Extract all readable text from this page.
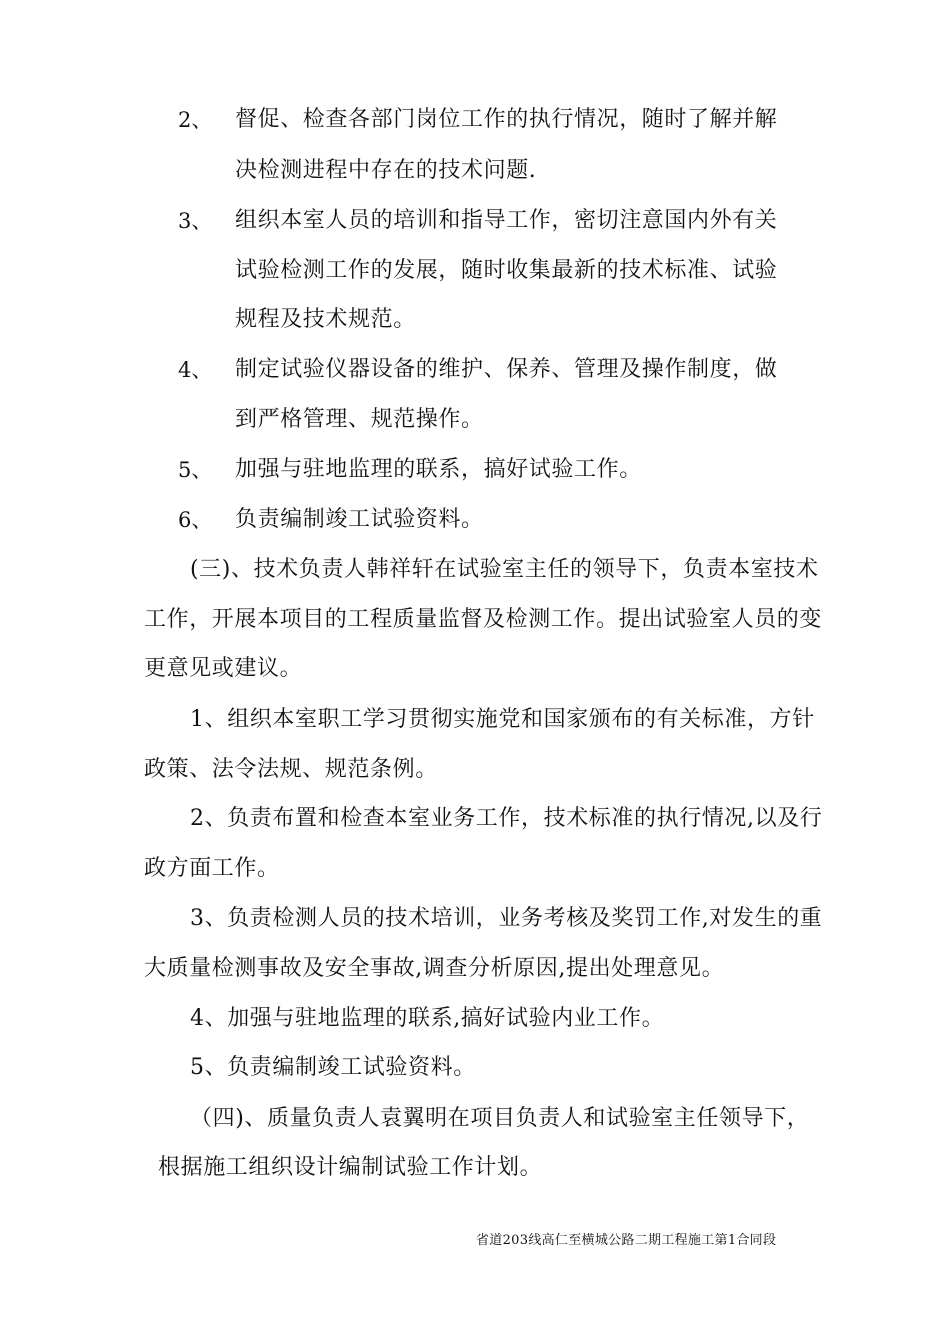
2、 督促、检查各部门岗位工作的执行情况，随时了解并解
决检测进程中存在的技术问题.
3、 组织本室人员的培训和指导工作，密切注意国内外有关
试验检测工作的发展，随时收集最新的技术标准、试验
规程及技术规范。
4、 制定试验仪器设备的维护、保养、管理及操作制度，做
到严格管理、规范操作。
5、 加强与驻地监理的联系，搞好试验工作。
6、 负责编制竣工试验资料。
(三)、技术负责人韩祥轩在试验室主任的领导下，负责本室技术
工作，开展本项目的工程质量监督及检测工作。提出试验室人员的变
更意见或建议。
1、组织本室职工学习贯彻实施党和国家颁布的有关标准，方针
政策、法令法规、规范条例。
2、负责布置和检查本室业务工作，技术标准的执行情况,以及行
政方面工作。
3、负责检测人员的技术培训，业务考核及奖罚工作,对发生的重
大质量检测事故及安全事故,调查分析原因,提出处理意见。
4、加强与驻地监理的联系,搞好试验内业工作。
5、负责编制竣工试验资料。
（四)、质量负责人袁翼明在项目负责人和试验室主任领导下，
根据施工组织设计编制试验工作计划。
省道203线高仁至横城公路二期工程施工第1合同段
